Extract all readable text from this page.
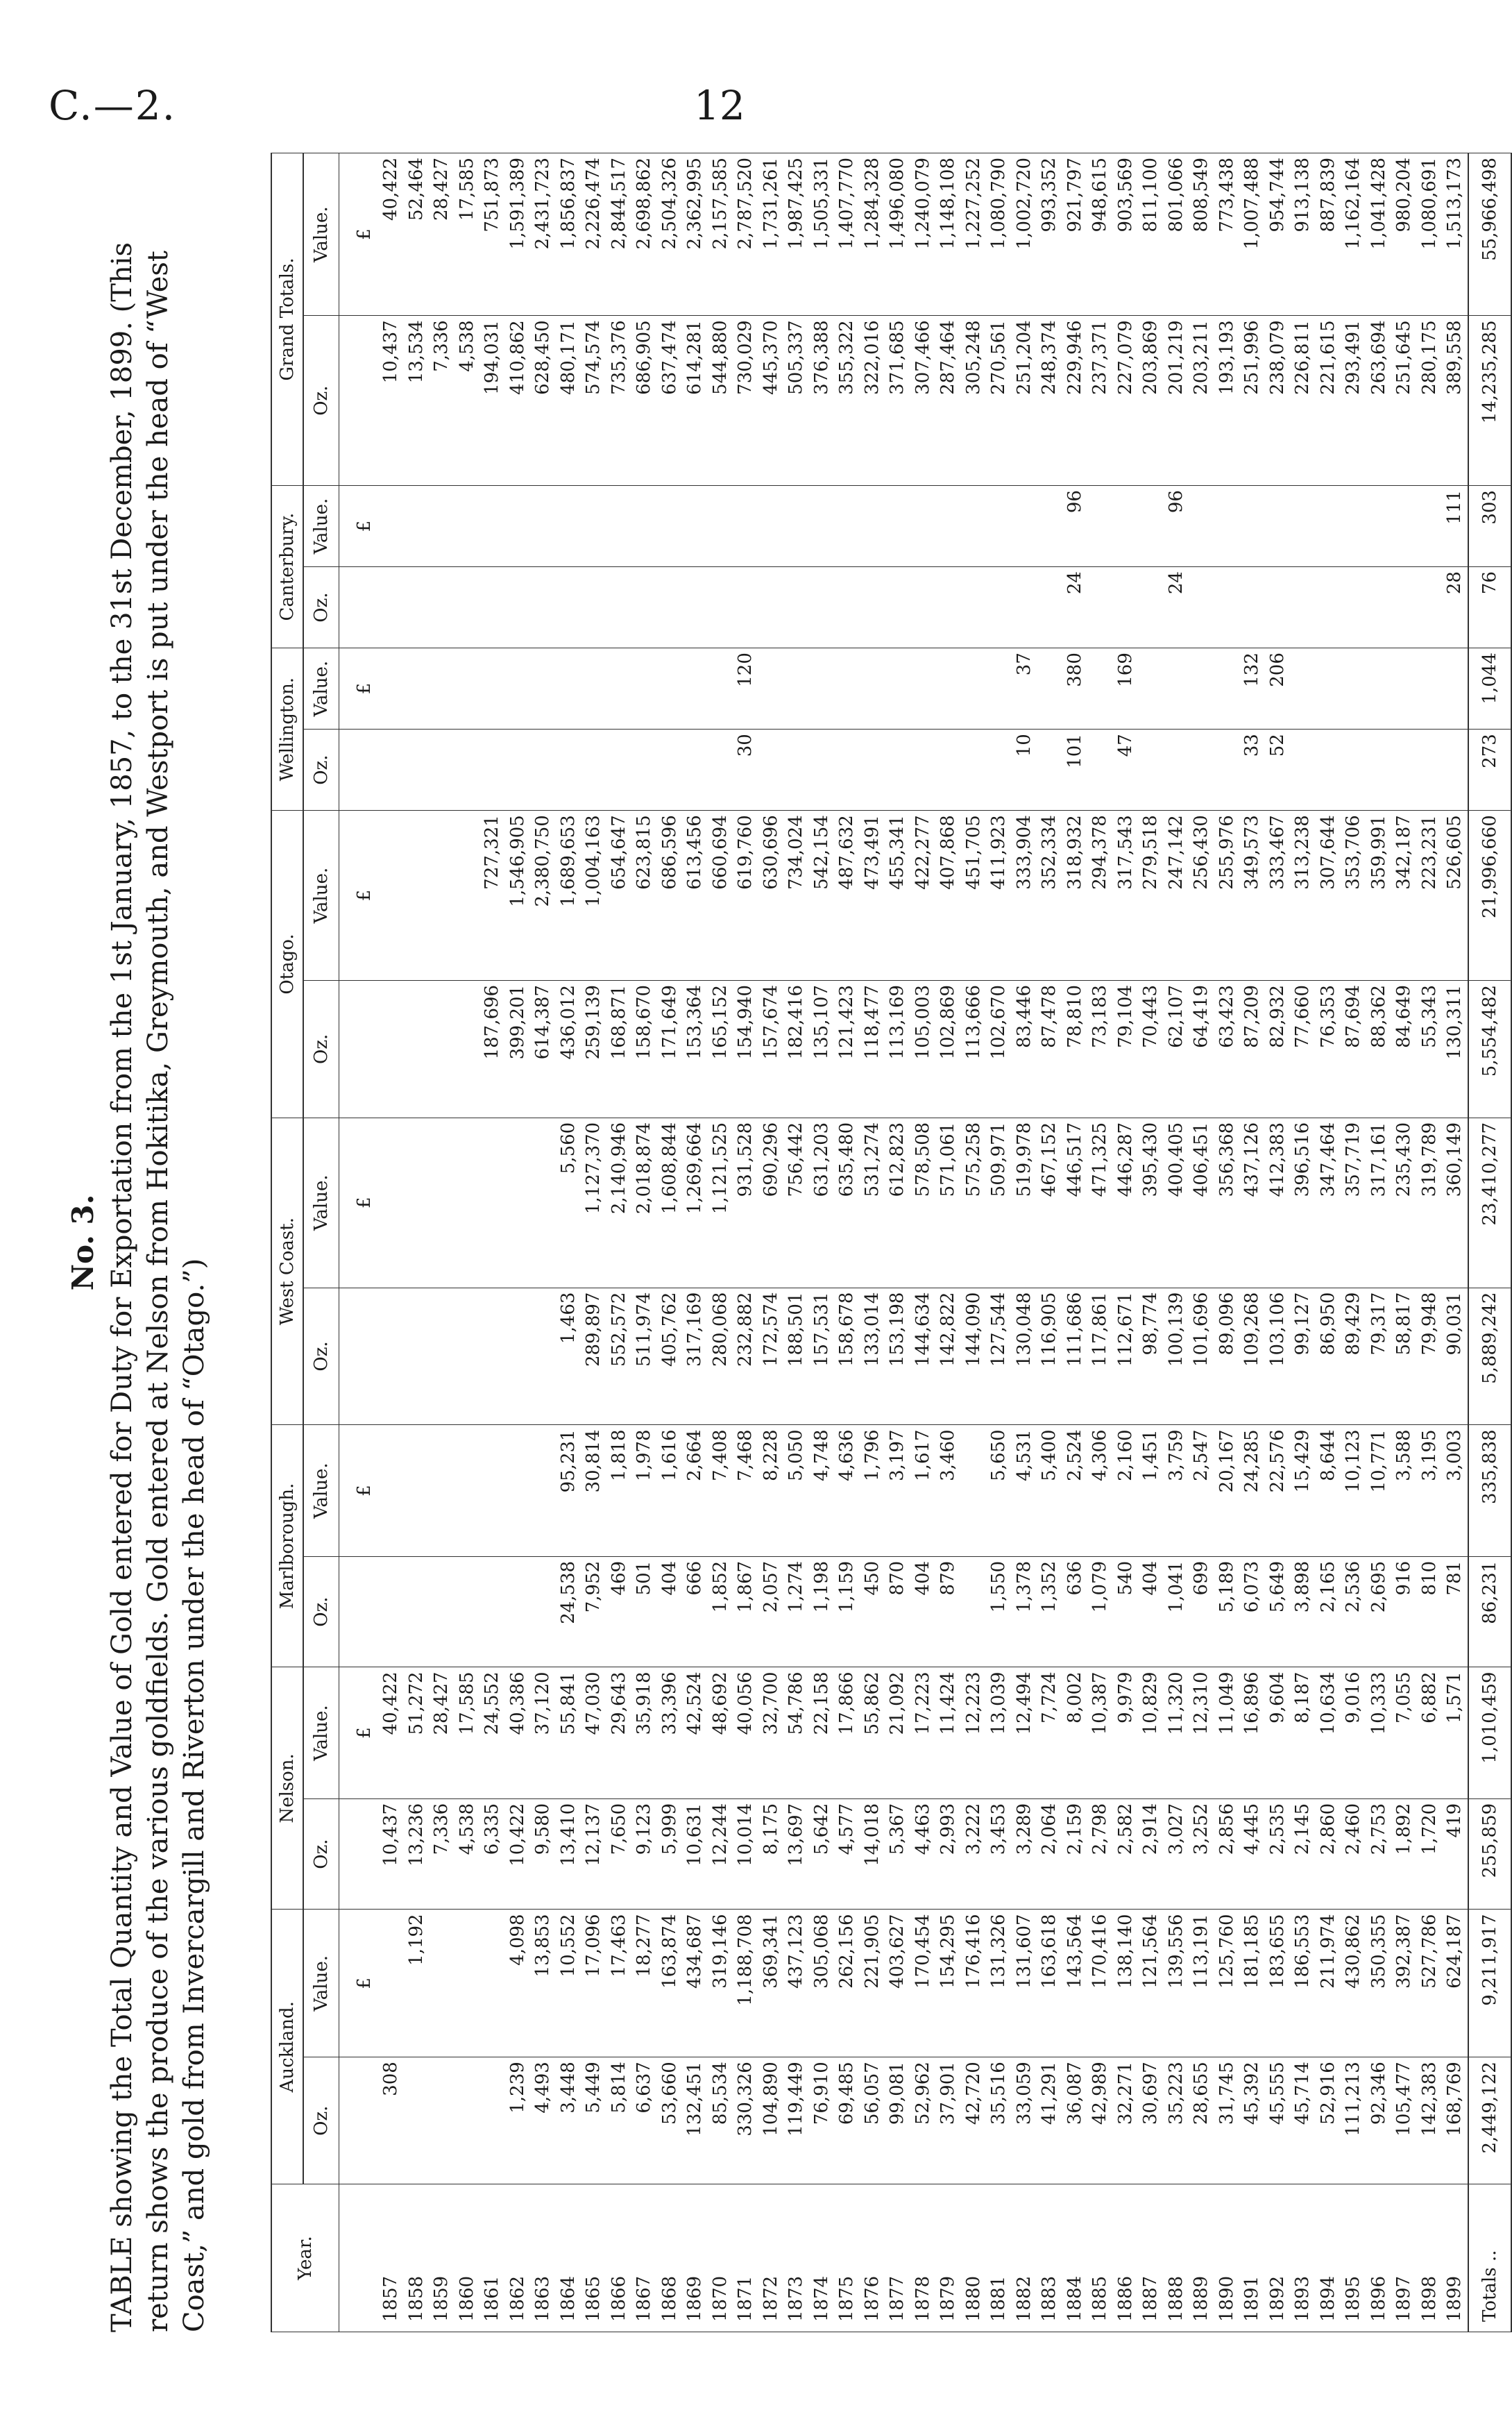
C.—2.	12
No. 3. TABLE showing the Total Quantity and Value of Gold entered for Duty for Exportation from the 1st January, 1857, to the 31st December, 1899. (This return shows the produce of the various goldfields. Gold entered at Nelson from Hokitika, Greymouth, and Westport is put under the head of “West Coast,” and gold from Invercargill and Riverton under the head of “Otago.”)	Year.	Auckland.		Nelson.		Marlborough.		West Coast.		Otago.		Wellington.		Canterbury.		Grand Totals.	
	Oz.	Value.	Oz.	Value.	Oz.	Value.	Oz.	Value.	Oz.	Value.	Oz.	Value.	Oz.	Value.	Oz.	Value.
		£		£		£		£		£		£		£		£
1857	308		10,437	40,422											10,437	40,422
1858		1,192	13,236	51,272											13,534	52,464
1859			7,336	28,427											7,336	28,427
1860			4,538	17,585											4,538	17,585
1861			6,335	24,552					187,696	727,321					194,031	751,873
1862	1,239	4,098	10,422	40,386					399,201	1,546,905					410,862	1,591,389
1863	4,493	13,853	9,580	37,120					614,387	2,380,750					628,450	2,431,723
1864	3,448	10,552	13,410	55,841	24,538	95,231	1,463	5,560	436,012	1,689,653					480,171	1,856,837
1865	5,449	17,096	12,137	47,030	7,952	30,814	289,897	1,127,370	259,139	1,004,163					574,574	2,226,474
1866	5,814	17,463	7,650	29,643	469	1,818	552,572	2,140,946	168,871	654,647					735,376	2,844,517
1867	6,637	18,277	9,123	35,918	501	1,978	511,974	2,018,874	158,670	623,815					686,905	2,698,862
1868	53,660	163,874	5,999	33,396	404	1,616	405,762	1,608,844	171,649	686,596					637,474	2,504,326
1869	132,451	434,687	10,631	42,524	666	2,664	317,169	1,269,664	153,364	613,456					614,281	2,362,995
1870	85,534	319,146	12,244	48,692	1,852	7,408	280,068	1,121,525	165,152	660,694					544,880	2,157,585
1871	330,326	1,188,708	10,014	40,056	1,867	7,468	232,882	931,528	154,940	619,760	30	120			730,029	2,787,520
1872	104,890	369,341	8,175	32,700	2,057	8,228	172,574	690,296	157,674	630,696					445,370	1,731,261
1873	119,449	437,123	13,697	54,786	1,274	5,050	188,501	756,442	182,416	734,024					505,337	1,987,425
1874	76,910	305,068	5,642	22,158	1,198	4,748	157,531	631,203	135,107	542,154					376,388	1,505,331
1875	69,485	262,156	4,577	17,866	1,159	4,636	158,678	635,480	121,423	487,632					355,322	1,407,770
1876	56,057	221,905	14,018	55,862	450	1,796	133,014	531,274	118,477	473,491					322,016	1,284,328
1877	99,081	403,627	5,367	21,092	870	3,197	153,198	612,823	113,169	455,341					371,685	1,496,080
1878	52,962	170,454	4,463	17,223	404	1,617	144,634	578,508	105,003	422,277					307,466	1,240,079
1879	37,901	154,295	2,993	11,424	879	3,460	142,822	571,061	102,869	407,868					287,464	1,148,108
1880	42,720	176,416	3,222	12,223			144,090	575,258	113,666	451,705					305,248	1,227,252
1881	35,516	131,326	3,453	13,039	1,550	5,650	127,544	509,971	102,670	411,923					270,561	1,080,790
1882	33,059	131,607	3,289	12,494	1,378	4,531	130,048	519,978	83,446	333,904	10	37			251,204	1,002,720
1883	41,291	163,618	2,064	7,724	1,352	5,400	116,905	467,152	87,478	352,334					248,374	993,352
1884	36,087	143,564	2,159	8,002	636	2,524	111,686	446,517	78,810	318,932	101	380	24	96	229,946	921,797
1885	42,989	170,416	2,798	10,387	1,079	4,306	117,861	471,325	73,183	294,378					237,371	948,615
1886	32,271	138,140	2,582	9,979	540	2,160	112,671	446,287	79,104	317,543	47	169			227,079	903,569
1887	30,697	121,564	2,914	10,829	404	1,451	98,774	395,430	70,443	279,518					203,869	811,100
1888	35,223	139,556	3,027	11,320	1,041	3,759	100,139	400,405	62,107	247,142			24	96	201,219	801,066
1889	28,655	113,191	3,252	12,310	699	2,547	101,696	406,451	64,419	256,430					203,211	808,549
1890	31,745	125,760	2,856	11,049	5,189	20,167	89,096	356,368	63,423	255,976					193,193	773,438
1891	45,392	181,185	4,445	16,896	6,073	24,285	109,268	437,126	87,209	349,573	33	132			251,996	1,007,488
1892	45,555	183,655	2,535	9,604	5,649	22,576	103,106	412,383	82,932	333,467	52	206			238,079	954,744
1893	45,714	186,553	2,145	8,187	3,898	15,429	99,127	396,516	77,660	313,238					226,811	913,138
1894	52,916	211,974	2,860	10,634	2,165	8,644	86,950	347,464	76,353	307,644					221,615	887,839
1895	111,213	430,862	2,460	9,016	2,536	10,123	89,429	357,719	87,694	353,706					293,491	1,162,164
1896	92,346	350,355	2,753	10,333	2,695	10,771	79,317	317,161	88,362	359,991					263,694	1,041,428
1897	105,477	392,387	1,892	7,055	916	3,588	58,817	235,430	84,649	342,187					251,645	980,204
1898	142,383	527,786	1,720	6,882	810	3,195	79,948	319,789	55,343	223,231					280,175	1,080,691
1899	168,769	624,187	419	1,571	781	3,003	90,031	360,149	130,311	526,605			28	111	389,558	1,513,173
Totals ..	2,449,122	9,211,917	255,859	1,010,459	86,231	335,838	5,889,242	23,410,277	5,554,482	21,996,660	273	1,044	76	303	14,235,285	55,966,498
